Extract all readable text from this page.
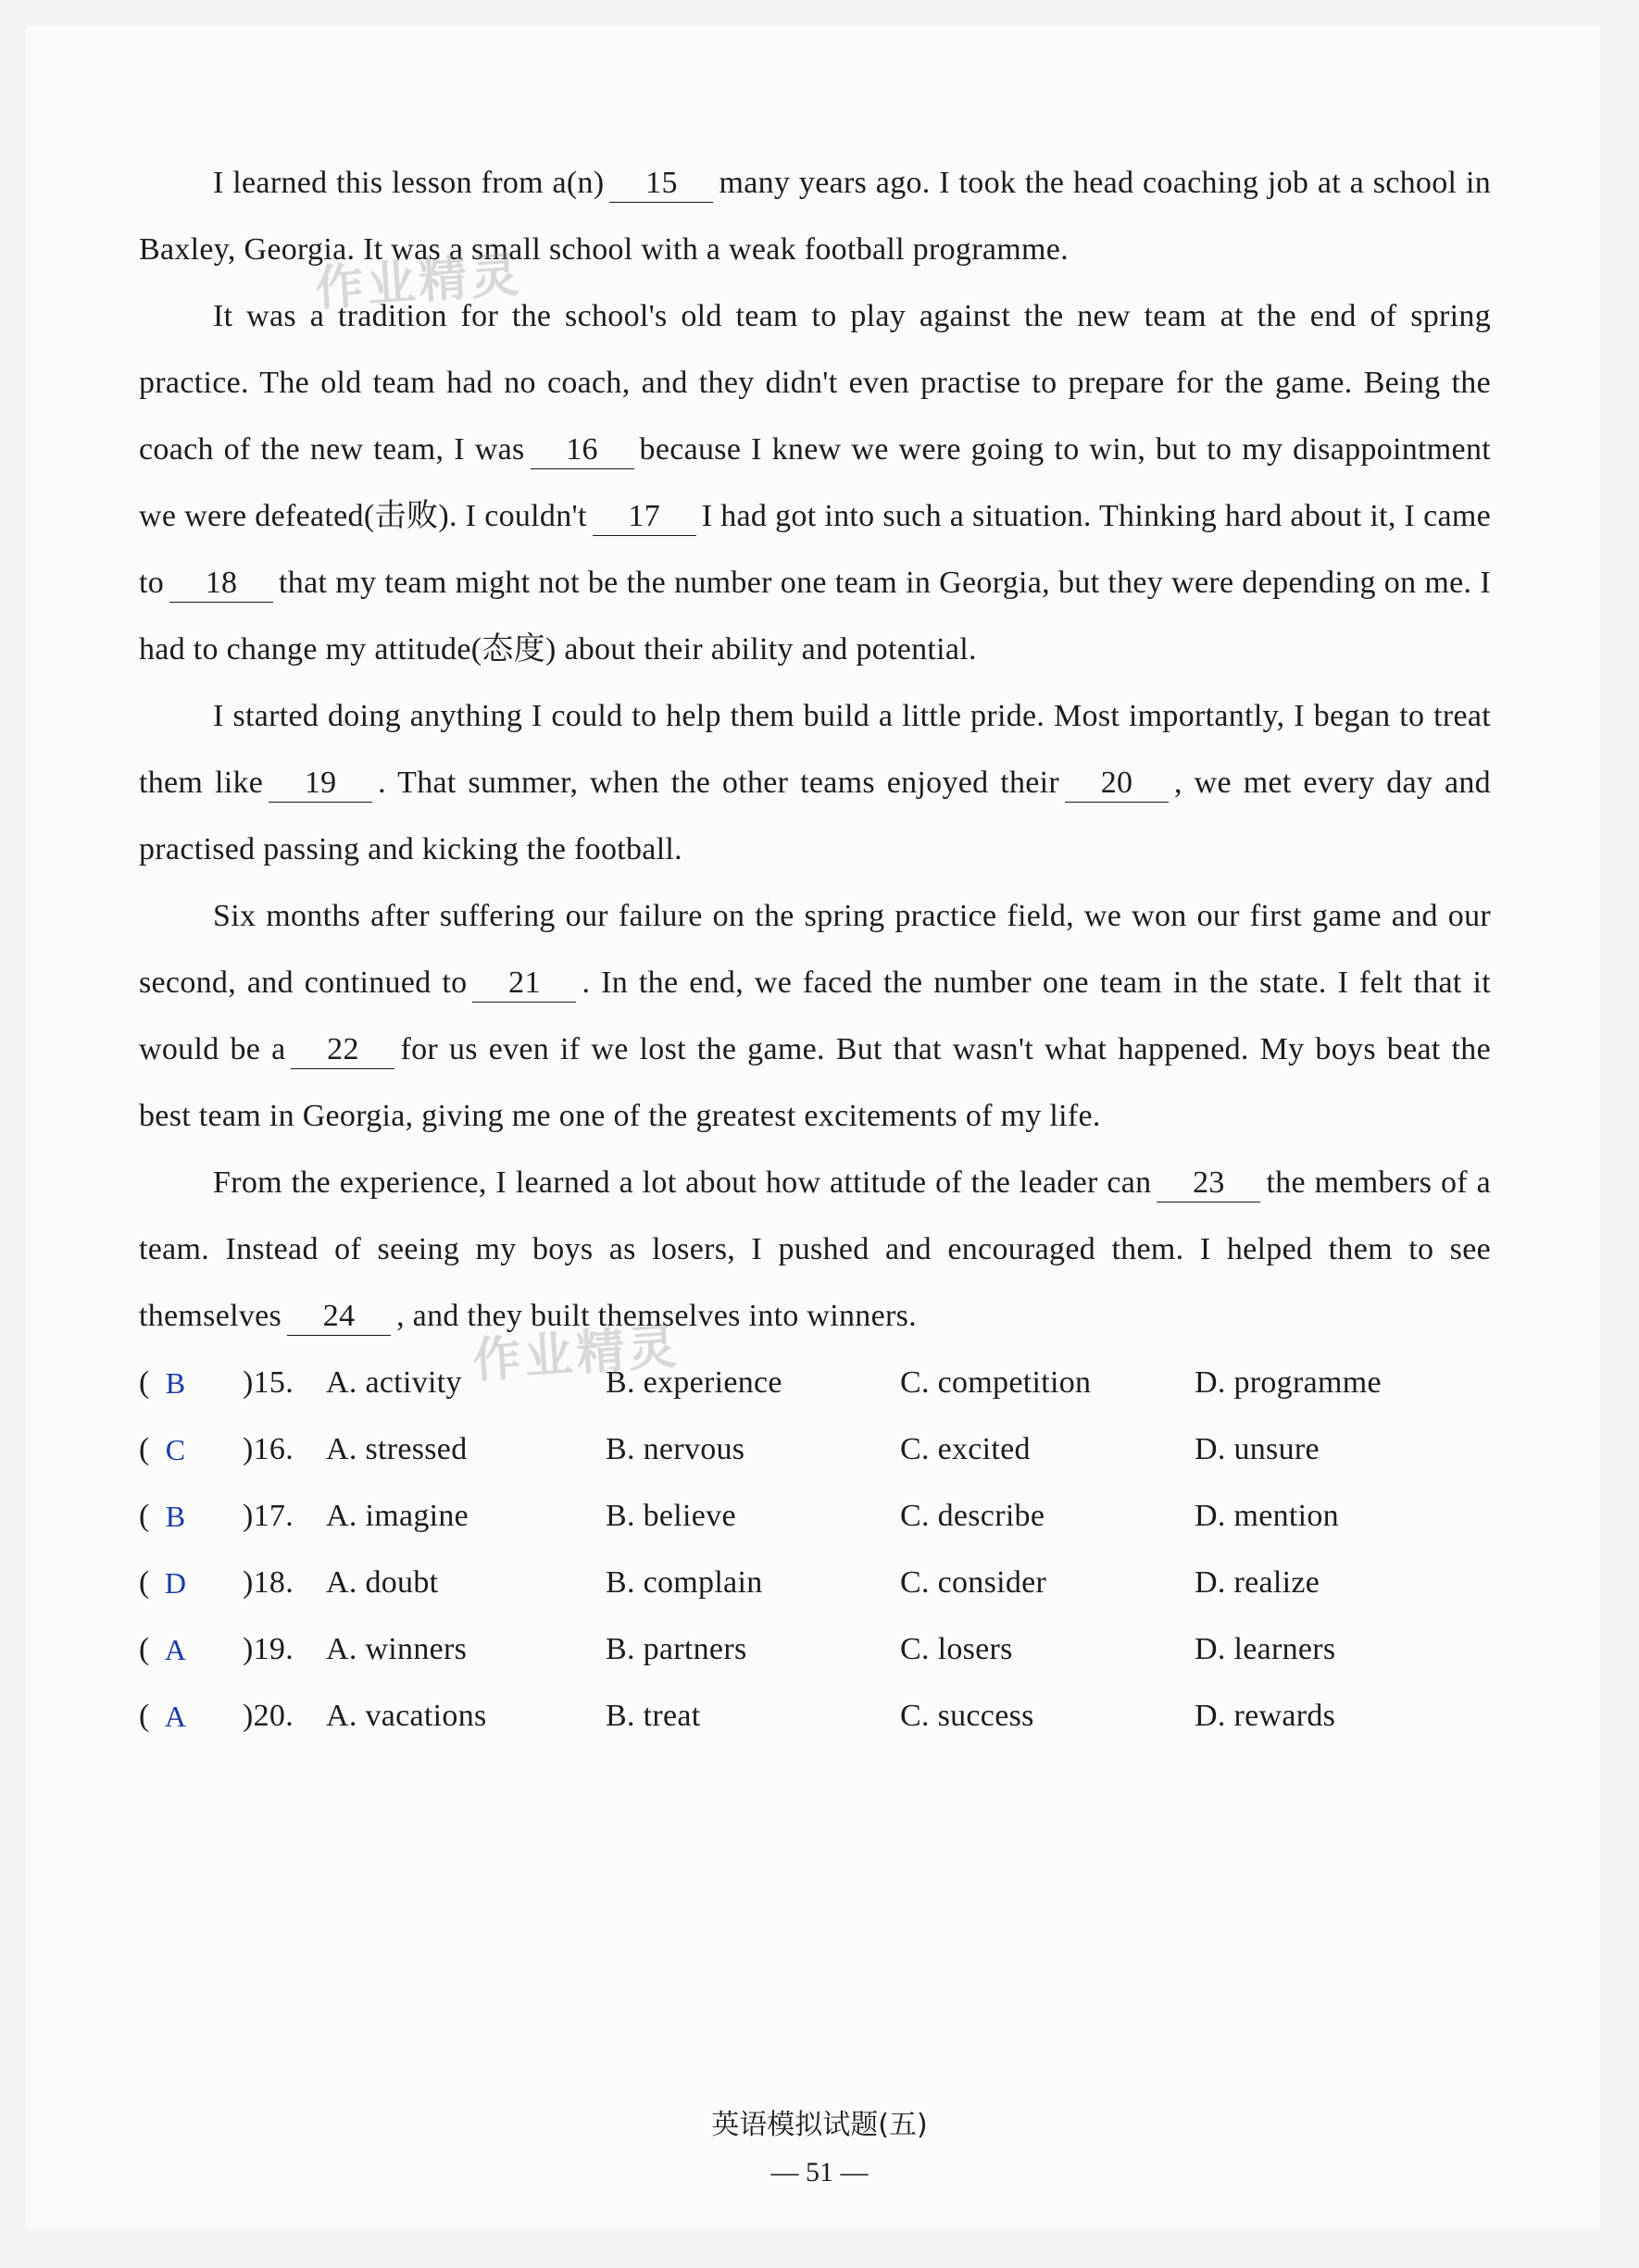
I learned this lesson from a(n) 15 many years ago. I took the head coaching job at a school in Baxley, Georgia. It was a small school with a weak football programme.

It was a tradition for the school's old team to play against the new team at the end of spring practice. The old team had no coach, and they didn't even practise to prepare for the game. Being the coach of the new team, I was 16 because I knew we were going to win, but to my disappointment we were defeated(击败). I couldn't 17 I had got into such a situation. Thinking hard about it, I came to 18 that my team might not be the number one team in Georgia, but they were depending on me. I had to change my attitude(态度) about their ability and potential.

I started doing anything I could to help them build a little pride. Most importantly, I began to treat them like 19 . That summer, when the other teams enjoyed their 20 , we met every day and practised passing and kicking the football.

Six months after suffering our failure on the spring practice field, we won our first game and our second, and continued to 21 . In the end, we faced the number one team in the state. I felt that it would be a 22 for us even if we lost the game. But that wasn't what happened. My boys beat the best team in Georgia, giving me one of the greatest excitements of my life.

From the experience, I learned a lot about how attitude of the leader can 23 the members of a team. Instead of seeing my boys as losers, I pushed and encouraged them. I helped them to see themselves 24 , and they built themselves into winners.

( B	)15.	A. activity	B. experience	C. competition	D. programme
( C	)16.	A. stressed	B. nervous	C. excited	D. unsure
( B	)17.	A. imagine	B. believe	C. describe	D. mention
( D	)18.	A. doubt	B. complain	C. consider	D. realize
( A	)19.	A. winners	B. partners	C. losers	D. learners
( A	)20.	A. vacations	B. treat	C. success	D. rewards
作业精灵
作业精灵
英语模拟试题(五)
— 51 —
